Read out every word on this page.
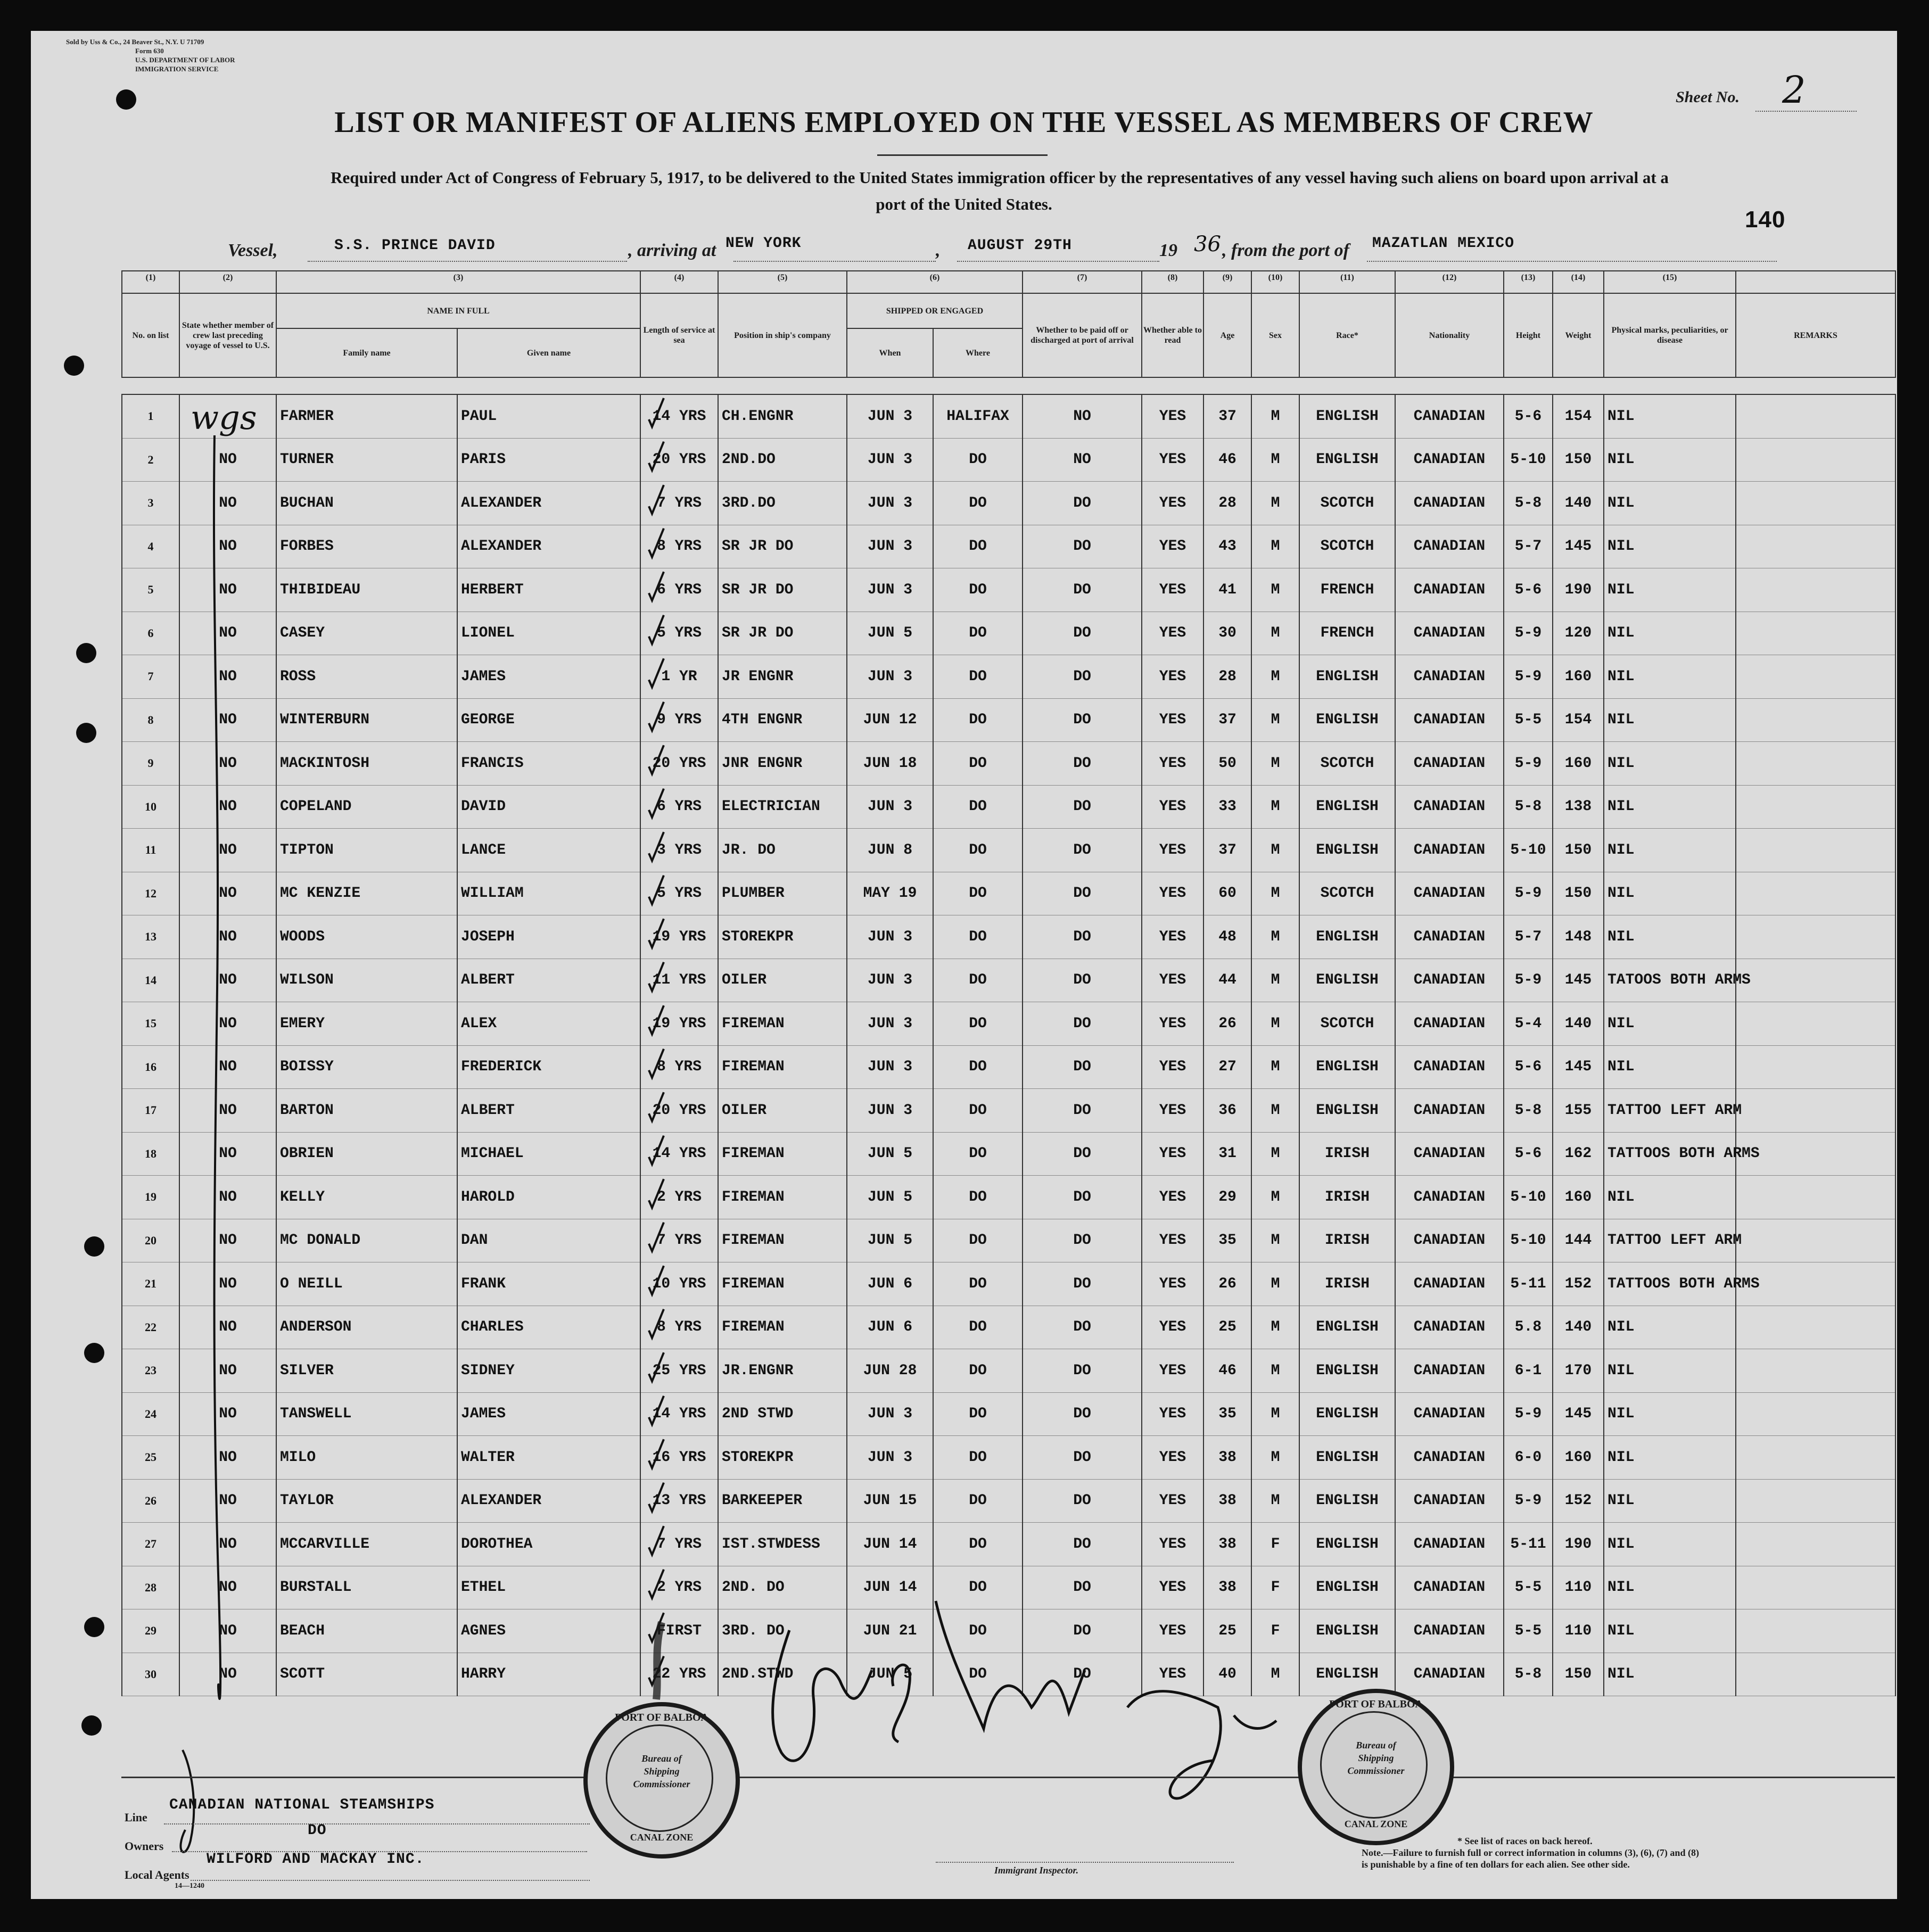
Sold by Uss & Co., 24 Beaver St., N.Y. U 71709
Form 630
U.S. DEPARTMENT OF LABOR
IMMIGRATION SERVICE
Sheet No. 2
LIST OR MANIFEST OF ALIENS EMPLOYED ON THE VESSEL AS MEMBERS OF CREW
Required under Act of Congress of February 5, 1917, to be delivered to the United States immigration officer by the representatives of any vessel having such aliens on board upon arrival at a
port of the United States.
140
Vessel,	S.S. PRINCE DAVID	, arriving at NEW YORK	, AUGUST 29TH	19 36 , from the port of MAZATLAN MEXICO
(1)	(2)	(3)		(4)	(5)	(6)		(7)	(8)	(9)	(10)	(11)	(12)	(13)	(14)	(15)	
No. on list	State whether member of crew last preceding voyage of vessel to U.S.	NAME IN FULL		Length of service at sea	Position in ship's company	SHIPPED OR ENGAGED		Whether to be paid off or discharged at port of arrival	Whether able to read	Age	Sex	Race*	Nationality	Height	Weight	Physical marks, peculiarities, or disease	REMARKS
		Family name	Given name			When	Where										

1		FARMER	PAUL	14 YRS	CH.ENGNR	JUN 3	HALIFAX	NO	YES	37	M	ENGLISH	CANADIAN	5-6	154	NIL	
2	NO	TURNER	PARIS	20 YRS	2ND.DO	JUN 3	DO	NO	YES	46	M	ENGLISH	CANADIAN	5-10	150	NIL	
3	NO	BUCHAN	ALEXANDER	7 YRS	3RD.DO	JUN 3	DO	DO	YES	28	M	SCOTCH	CANADIAN	5-8	140	NIL	
4	NO	FORBES	ALEXANDER	8 YRS	SR JR DO	JUN 3	DO	DO	YES	43	M	SCOTCH	CANADIAN	5-7	145	NIL	
5	NO	THIBIDEAU	HERBERT	6 YRS	SR JR DO	JUN 3	DO	DO	YES	41	M	FRENCH	CANADIAN	5-6	190	NIL	
6	NO	CASEY	LIONEL	5 YRS	SR JR DO	JUN 5	DO	DO	YES	30	M	FRENCH	CANADIAN	5-9	120	NIL	
7	NO	ROSS	JAMES	1 YR	JR ENGNR	JUN 3	DO	DO	YES	28	M	ENGLISH	CANADIAN	5-9	160	NIL	
8	NO	WINTERBURN	GEORGE	9 YRS	4TH ENGNR	JUN 12	DO	DO	YES	37	M	ENGLISH	CANADIAN	5-5	154	NIL	
9	NO	MACKINTOSH	FRANCIS	20 YRS	JNR ENGNR	JUN 18	DO	DO	YES	50	M	SCOTCH	CANADIAN	5-9	160	NIL	
10	NO	COPELAND	DAVID	6 YRS	ELECTRICIAN	JUN 3	DO	DO	YES	33	M	ENGLISH	CANADIAN	5-8	138	NIL	
11	NO	TIPTON	LANCE	3 YRS	JR. DO	JUN 8	DO	DO	YES	37	M	ENGLISH	CANADIAN	5-10	150	NIL	
12	NO	MC KENZIE	WILLIAM	5 YRS	PLUMBER	MAY 19	DO	DO	YES	60	M	SCOTCH	CANADIAN	5-9	150	NIL	
13	NO	WOODS	JOSEPH	19 YRS	STOREKPR	JUN 3	DO	DO	YES	48	M	ENGLISH	CANADIAN	5-7	148	NIL	
14	NO	WILSON	ALBERT	11 YRS	OILER	JUN 3	DO	DO	YES	44	M	ENGLISH	CANADIAN	5-9	145	TATOOS BOTH ARMS	
15	NO	EMERY	ALEX	19 YRS	FIREMAN	JUN 3	DO	DO	YES	26	M	SCOTCH	CANADIAN	5-4	140	NIL	
16	NO	BOISSY	FREDERICK	8 YRS	FIREMAN	JUN 3	DO	DO	YES	27	M	ENGLISH	CANADIAN	5-6	145	NIL	
17	NO	BARTON	ALBERT	20 YRS	OILER	JUN 3	DO	DO	YES	36	M	ENGLISH	CANADIAN	5-8	155	TATTOO LEFT ARM	
18	NO	OBRIEN	MICHAEL	14 YRS	FIREMAN	JUN 5	DO	DO	YES	31	M	IRISH	CANADIAN	5-6	162	TATTOOS BOTH ARMS	
19	NO	KELLY	HAROLD	2 YRS	FIREMAN	JUN 5	DO	DO	YES	29	M	IRISH	CANADIAN	5-10	160	NIL	
20	NO	MC DONALD	DAN	7 YRS	FIREMAN	JUN 5	DO	DO	YES	35	M	IRISH	CANADIAN	5-10	144	TATTOO LEFT ARM	
21	NO	O NEILL	FRANK	10 YRS	FIREMAN	JUN 6	DO	DO	YES	26	M	IRISH	CANADIAN	5-11	152	TATTOOS BOTH ARMS	
22	NO	ANDERSON	CHARLES	8 YRS	FIREMAN	JUN 6	DO	DO	YES	25	M	ENGLISH	CANADIAN	5.8	140	NIL	
23	NO	SILVER	SIDNEY	25 YRS	JR.ENGNR	JUN 28	DO	DO	YES	46	M	ENGLISH	CANADIAN	6-1	170	NIL	
24	NO	TANSWELL	JAMES	14 YRS	2ND STWD	JUN 3	DO	DO	YES	35	M	ENGLISH	CANADIAN	5-9	145	NIL	
25	NO	MILO	WALTER	16 YRS	STOREKPR	JUN 3	DO	DO	YES	38	M	ENGLISH	CANADIAN	6-0	160	NIL	
26	NO	TAYLOR	ALEXANDER	13 YRS	BARKEEPER	JUN 15	DO	DO	YES	38	M	ENGLISH	CANADIAN	5-9	152	NIL	
27	NO	MCCARVILLE	DOROTHEA	7 YRS	IST.STWDESS	JUN 14	DO	DO	YES	38	F	ENGLISH	CANADIAN	5-11	190	NIL	
28	NO	BURSTALL	ETHEL	2 YRS	2ND. DO	JUN 14	DO	DO	YES	38	F	ENGLISH	CANADIAN	5-5	110	NIL	
29	NO	BEACH	AGNES	FIRST	3RD. DO	JUN 21	DO	DO	YES	25	F	ENGLISH	CANADIAN	5-5	110	NIL	
30	NO	SCOTT	HARRY	22 YRS	2ND.STWD	JUN 5	DO	DO	YES	40	M	ENGLISH	CANADIAN	5-8	150	NIL	
wgs
Line
CANADIAN NATIONAL STEAMSHIPS
Owners
DO
Local Agents
WILFORD AND MACKAY INC.
14—1240
Immigrant Inspector.
* See list of races on back hereof.
Note.—Failure to furnish full or correct information in columns (3), (6), (7) and (8)
is punishable by a fine of ten dollars for each alien. See other side.
PORT OF BALBOA
Bureau of
Shipping
Commissioner
CANAL ZONE
PORT OF BALBOA
Bureau of
Shipping
Commissioner
CANAL ZONE
